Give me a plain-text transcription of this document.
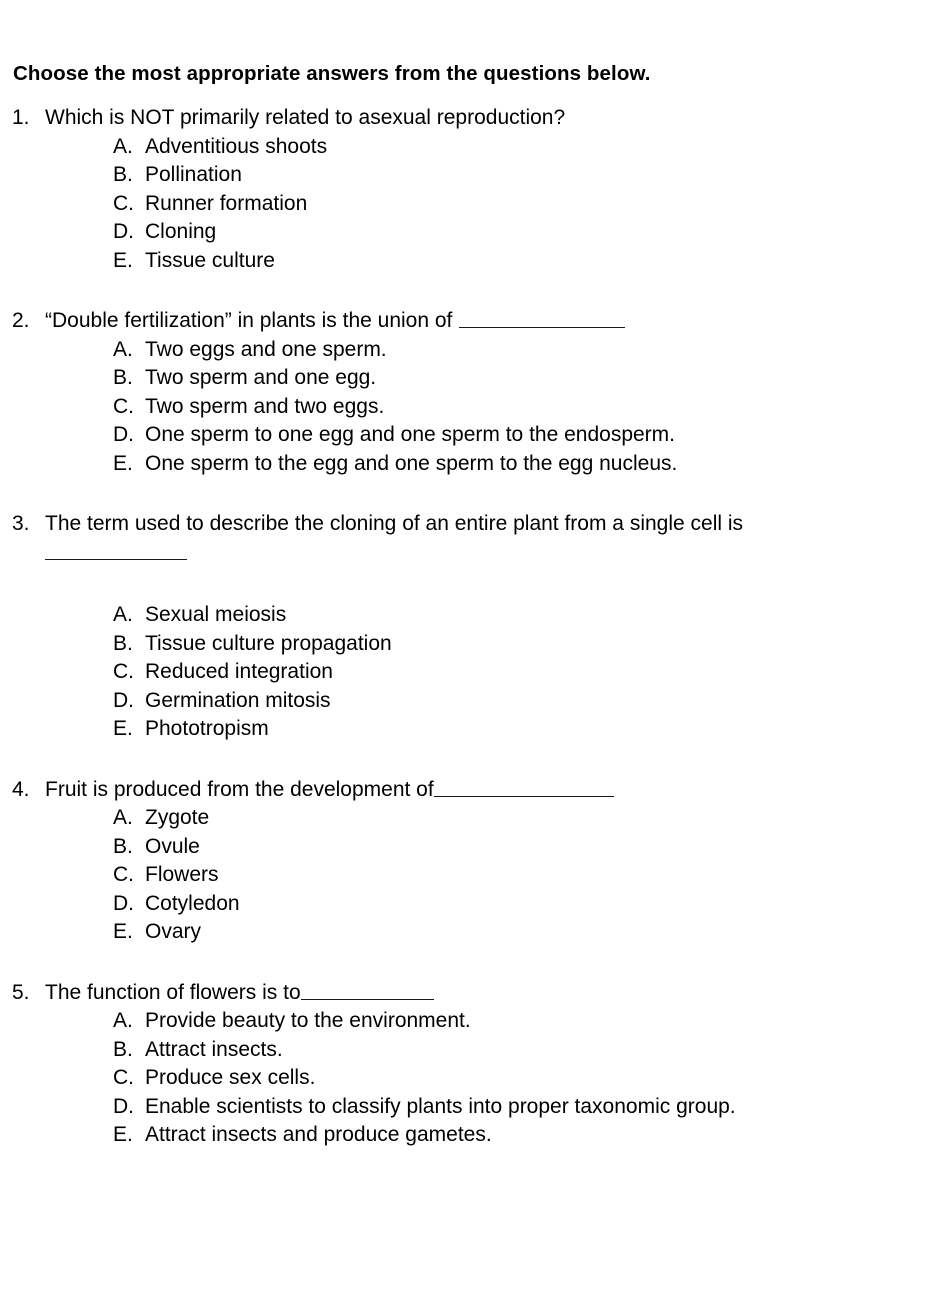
Choose the most appropriate answers from the questions below.
1. Which is NOT primarily related to asexual reproduction?
A. Adventitious shoots
B. Pollination
C. Runner formation
D. Cloning
E. Tissue culture
2. “Double fertilization” in plants is the union of
A. Two eggs and one sperm.
B. Two sperm and one egg.
C. Two sperm and two eggs.
D. One sperm to one egg and one sperm to the endosperm.
E. One sperm to the egg and one sperm to the egg nucleus.
3. The term used to describe the cloning of an entire plant from a single cell is

A. Sexual meiosis
B. Tissue culture propagation
C. Reduced integration
D. Germination mitosis
E. Phototropism
4. Fruit is produced from the development of
A. Zygote
B. Ovule
C. Flowers
D. Cotyledon
E. Ovary
5. The function of flowers is to
A. Provide beauty to the environment.
B. Attract insects.
C. Produce sex cells.
D. Enable scientists to classify plants into proper taxonomic group.
E. Attract insects and produce gametes.
